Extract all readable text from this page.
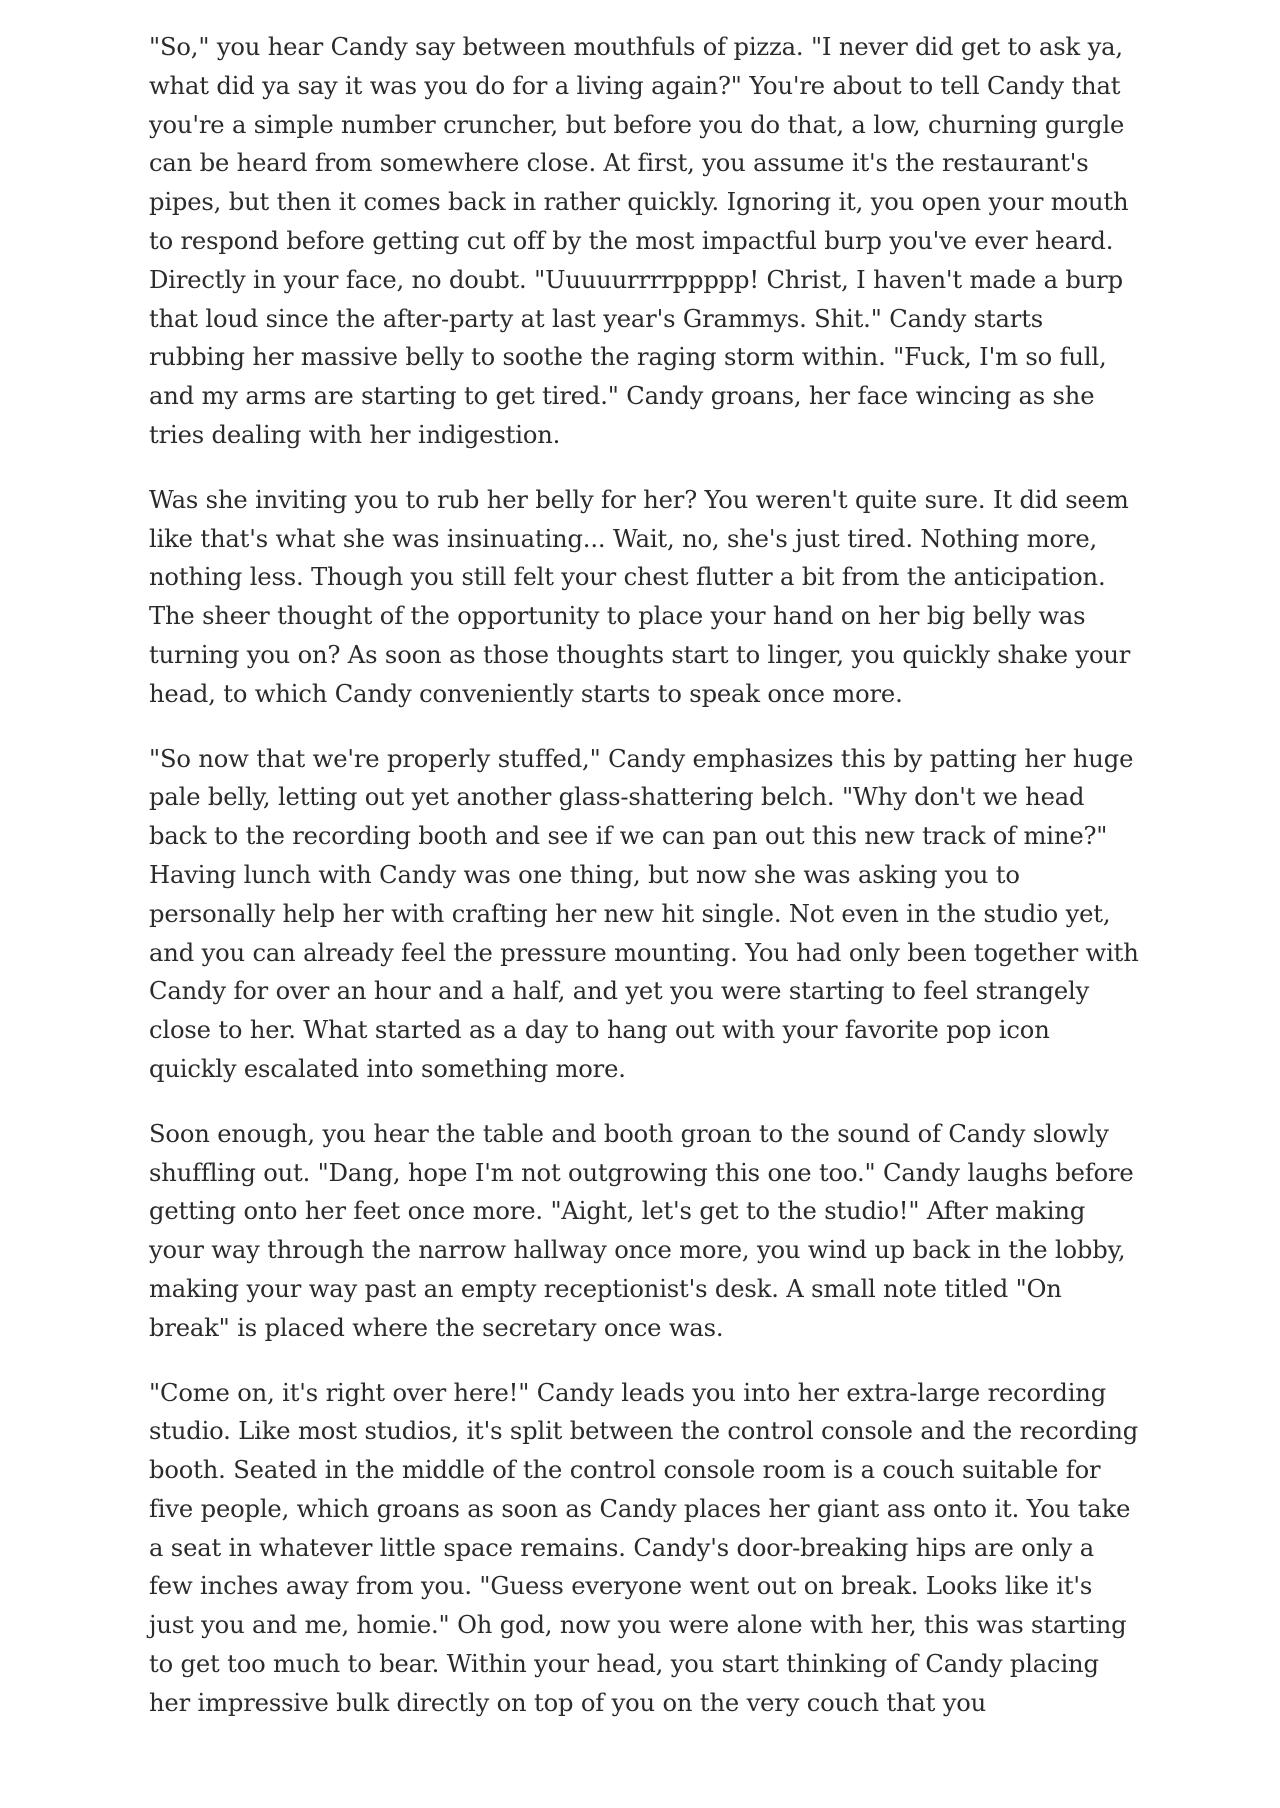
"So," you hear Candy say between mouthfuls of pizza. "I never did get to ask ya, what did ya say it was you do for a living again?" You're about to tell Candy that you're a simple number cruncher, but before you do that, a low, churning gurgle can be heard from somewhere close. At first, you assume it's the restaurant's pipes, but then it comes back in rather quickly. Ignoring it, you open your mouth to respond before getting cut off by the most impactful burp you've ever heard. Directly in your face, no doubt. "Uuuuurrrrppppp! Christ, I haven't made a burp that loud since the after-party at last year's Grammys. Shit." Candy starts rubbing her massive belly to soothe the raging storm within. "Fuck, I'm so full, and my arms are starting to get tired." Candy groans, her face wincing as she tries dealing with her indigestion.

Was she inviting you to rub her belly for her? You weren't quite sure. It did seem like that's what she was insinuating... Wait, no, she's just tired. Nothing more, nothing less. Though you still felt your chest flutter a bit from the anticipation. The sheer thought of the opportunity to place your hand on her big belly was turning you on? As soon as those thoughts start to linger, you quickly shake your head, to which Candy conveniently starts to speak once more.

"So now that we're properly stuffed," Candy emphasizes this by patting her huge pale belly, letting out yet another glass-shattering belch. "Why don't we head back to the recording booth and see if we can pan out this new track of mine?" Having lunch with Candy was one thing, but now she was asking you to personally help her with crafting her new hit single. Not even in the studio yet, and you can already feel the pressure mounting. You had only been together with Candy for over an hour and a half, and yet you were starting to feel strangely close to her. What started as a day to hang out with your favorite pop icon quickly escalated into something more.

Soon enough, you hear the table and booth groan to the sound of Candy slowly shuffling out. "Dang, hope I'm not outgrowing this one too." Candy laughs before getting onto her feet once more. "Aight, let's get to the studio!" After making your way through the narrow hallway once more, you wind up back in the lobby, making your way past an empty receptionist's desk. A small note titled "On break" is placed where the secretary once was.

"Come on, it's right over here!" Candy leads you into her extra-large recording studio. Like most studios, it's split between the control console and the recording booth. Seated in the middle of the control console room is a couch suitable for five people, which groans as soon as Candy places her giant ass onto it. You take a seat in whatever little space remains. Candy's door-breaking hips are only a few inches away from you. "Guess everyone went out on break. Looks like it's just you and me, homie." Oh god, now you were alone with her, this was starting to get too much to bear. Within your head, you start thinking of Candy placing her impressive bulk directly on top of you on the very couch that you
